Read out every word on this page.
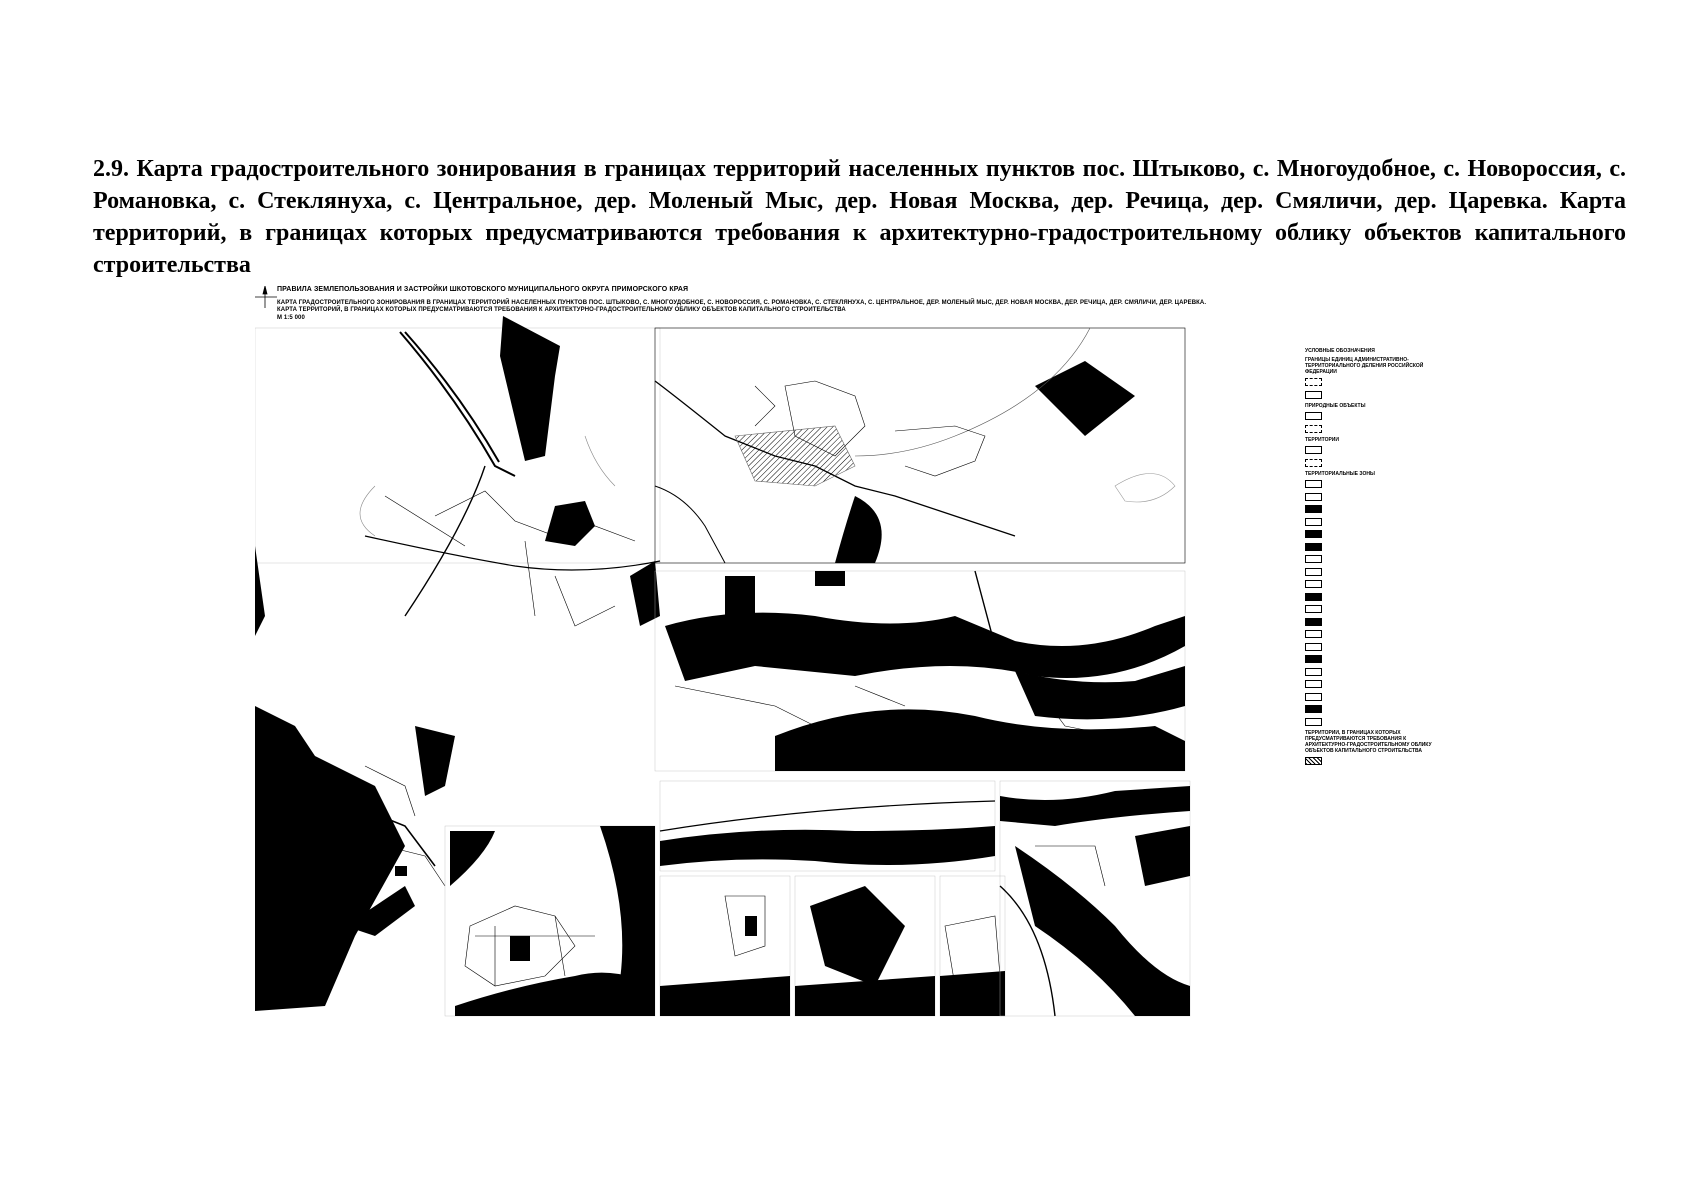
2.9. Карта градостроительного зонирования в границах территорий населенных пунктов пос. Штыково, с. Многоудобное, с. Новороссия, с. Романовка, с. Стеклянуха, с. Центральное, дер. Моленый Мыс, дер. Новая Москва, дер. Речица, дер. Смяличи, дер. Царевка. Карта территорий, в границах которых предусматриваются требования к архитектурно-градостроительному облику объектов капитального строительства
ПРАВИЛА ЗЕМЛЕПОЛЬЗОВАНИЯ И ЗАСТРОЙКИ ШКОТОВСКОГО МУНИЦИПАЛЬНОГО ОКРУГА ПРИМОРСКОГО КРАЯ
КАРТА ГРАДОСТРОИТЕЛЬНОГО ЗОНИРОВАНИЯ В ГРАНИЦАХ ТЕРРИТОРИЙ НАСЕЛЕННЫХ ПУНКТОВ ПОС. ШТЫКОВО, С. МНОГОУДОБНОЕ, С. НОВОРОССИЯ, С. РОМАНОВКА, С. СТЕКЛЯНУХА, С. ЦЕНТРАЛЬНОЕ, ДЕР. МОЛЕНЫЙ МЫС, ДЕР. НОВАЯ МОСКВА, ДЕР. РЕЧИЦА, ДЕР. СМЯЛИЧИ, ДЕР. ЦАРЕВКА.
КАРТА ТЕРРИТОРИЙ, В ГРАНИЦАХ КОТОРЫХ ПРЕДУСМАТРИВАЮТСЯ ТРЕБОВАНИЯ К АРХИТЕКТУРНО-ГРАДОСТРОИТЕЛЬНОМУ ОБЛИКУ ОБЪЕКТОВ КАПИТАЛЬНОГО СТРОИТЕЛЬСТВА
М 1:5 000
УСЛОВНЫЕ ОБОЗНАЧЕНИЯ
ГРАНИЦЫ ЕДИНИЦ АДМИНИСТРАТИВНО-ТЕРРИТОРИАЛЬНОГО ДЕЛЕНИЯ РОССИЙСКОЙ ФЕДЕРАЦИИ
ПРИРОДНЫЕ ОБЪЕКТЫ
ТЕРРИТОРИИ
ТЕРРИТОРИАЛЬНЫЕ ЗОНЫ
ТЕРРИТОРИИ, В ГРАНИЦАХ КОТОРЫХ ПРЕДУСМАТРИВАЮТСЯ ТРЕБОВАНИЯ К АРХИТЕКТУРНО-ГРАДОСТРОИТЕЛЬНОМУ ОБЛИКУ ОБЪЕКТОВ КАПИТАЛЬНОГО СТРОИТЕЛЬСТВА
